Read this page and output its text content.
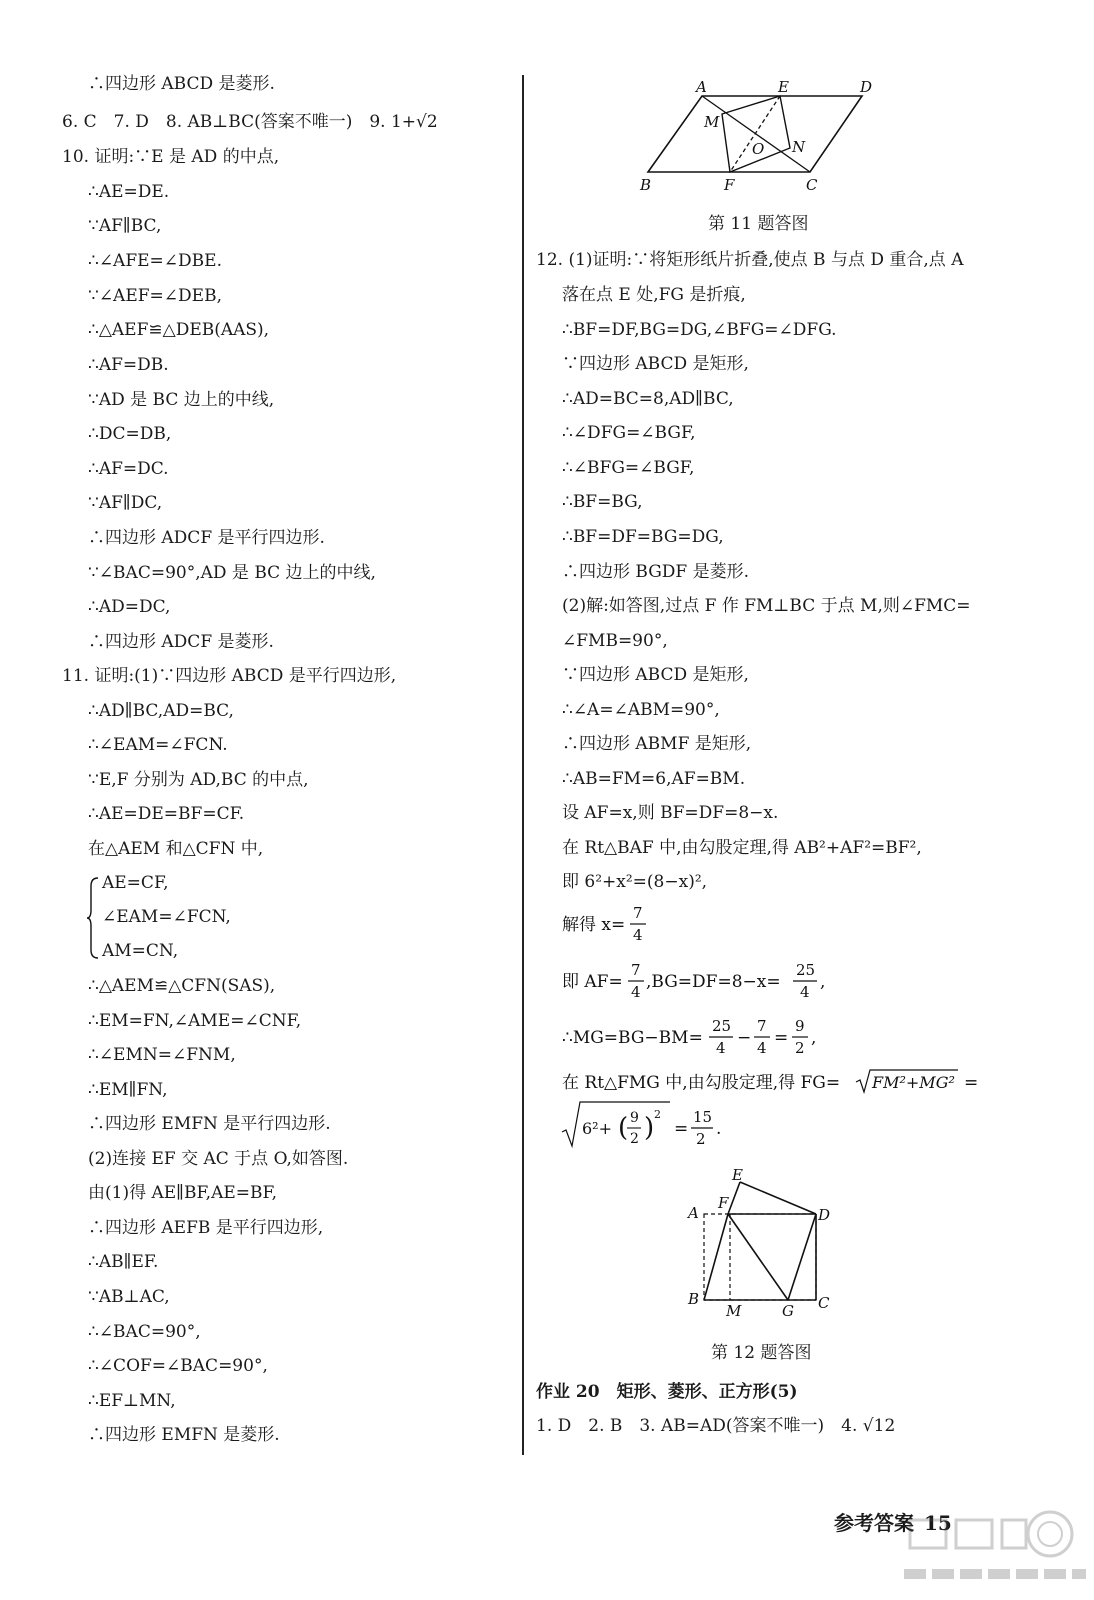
∴四边形 ABCD 是菱形.
6. C　7. D　8. AB⊥BC(答案不唯一)　9. 1+√2
10. 证明:∵E 是 AD 的中点,
∴AE=DE.
∵AF∥BC,
∴∠AFE=∠DBE.
∵∠AEF=∠DEB,
∴△AEF≌△DEB(AAS),
∴AF=DB.
∵AD 是 BC 边上的中线,
∴DC=DB,
∴AF=DC.
∵AF∥DC,
∴四边形 ADCF 是平行四边形.
∵∠BAC=90°,AD 是 BC 边上的中线,
∴AD=DC,
∴四边形 ADCF 是菱形.
11. 证明:(1)∵四边形 ABCD 是平行四边形,
∴AD∥BC,AD=BC,
∴∠EAM=∠FCN.
∵E,F 分别为 AD,BC 的中点,
∴AE=DE=BF=CF.
在△AEM 和△CFN 中,
AE=CF,
∠EAM=∠FCN,
AM=CN,
∴△AEM≌△CFN(SAS),
∴EM=FN,∠AME=∠CNF,
∴∠EMN=∠FNM,
∴EM∥FN,
∴四边形 EMFN 是平行四边形.
(2)连接 EF 交 AC 于点 O,如答图.
由(1)得 AE∥BF,AE=BF,
∴四边形 AEFB 是平行四边形,
∴AB∥EF.
∵AB⊥AC,
∴∠BAC=90°,
∴∠COF=∠BAC=90°,
∴EF⊥MN,
∴四边形 EMFN 是菱形.
A	E	D
M
O N
B	F	C
第 11 题答图
12. (1)证明:∵将矩形纸片折叠,使点 B 与点 D 重合,点 A
落在点 E 处,FG 是折痕,
∴BF=DF,BG=DG,∠BFG=∠DFG.
∵四边形 ABCD 是矩形,
∴AD=BC=8,AD∥BC,
∴∠DFG=∠BGF,
∴∠BFG=∠BGF,
∴BF=BG,
∴BF=DF=BG=DG,
∴四边形 BGDF 是菱形.
(2)解:如答图,过点 F 作 FM⊥BC 于点 M,则∠FMC=
∠FMB=90°,
∵四边形 ABCD 是矩形,
∴∠A=∠ABM=90°,
∴四边形 ABMF 是矩形,
∴AB=FM=6,AF=BM.
设 AF=x,则 BF=DF=8−x.
在 Rt△BAF 中,由勾股定理,得 AB²+AF²=BF²,
即 6²+x²=(8−x)²,
解得 x=
7
4
即 AF=
7
4 ,BG=DF=8−x=
25
4 ,
∴MG=BG−BM=
25
4 −
7
4 =
9
2 ,
在 Rt△FMG 中,由勾股定理,得 FG= FM²+MG² =
6²+ ( 9
2 ) 2
=
15
2 .
E
F
A	D
B
M	G C
第 12 题答图
作业 20　矩形、菱形、正方形(5)
1. D　2. B　3. AB=AD(答案不唯一)　4. √12
参考答案 15
